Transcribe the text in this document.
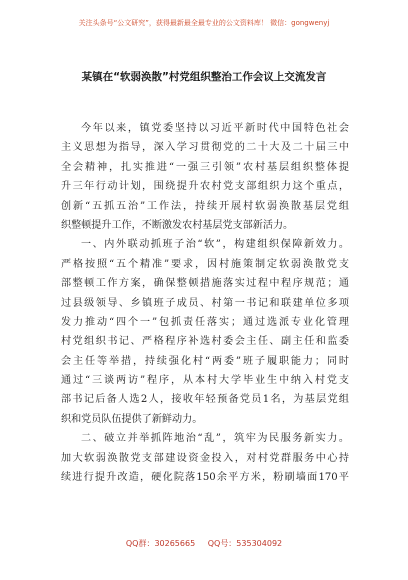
关注头条号“公文研究”，获得最新最全最专业的公文资料库！ 微信：gongwenyj
某镇在“软弱涣散”村党组织整治工作会议上交流发言
今年以来，镇党委坚持以习近平新时代中国特色社会
主义思想为指导，深入学习贯彻党的二十大及二十届三中
全会精神，扎实推进“一强三引领”农村基层组织整体提
升三年行动计划，围绕提升农村党支部组织力这个重点，
创新“五抓五治”工作法，持续开展村软弱涣散基层党组
织整顿提升工作，不断激发农村基层党支部新活力。
一、内外联动抓班子治“软”，构建组织保障新效力。
严格按照“五个精准”要求，因村施策制定软弱涣散党支
部整顿工作方案，确保整顿措施落实过程中程序规范；通
过县级领导、乡镇班子成员、村第一书记和联建单位多项
发力推动“四个一”包抓责任落实；通过选派专业化管理
村党组织书记、严格程序补选村委会主任、副主任和监委
会主任等举措，持续强化村“两委”班子履职能力；同时
通过“三谈两访”程序，从本村大学毕业生中纳入村党支
部书记后备人选2人，接收年轻预备党员1名，为基层党组
织和党员队伍提供了新鲜动力。
二、破立并举抓阵地治“乱”，筑牢为民服务新实力。
加大软弱涣散党支部建设资金投入，对村党群服务中心持
续进行提升改造，硬化院落150余平方米，粉刷墙面170平
QQ群：30265665 QQ号：535304092
